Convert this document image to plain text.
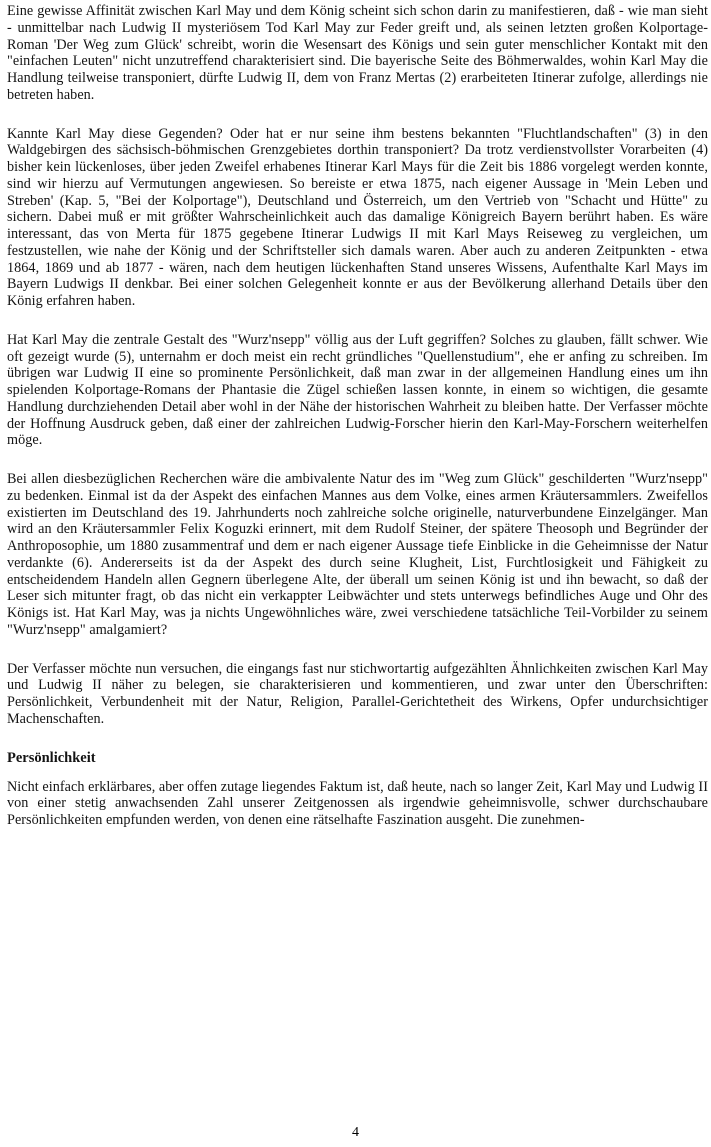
Eine gewisse Affinität zwischen Karl May und dem König scheint sich schon darin zu manifestieren, daß - wie man sieht - unmittelbar nach Ludwig II mysteriösem Tod Karl May zur Feder greift und, als seinen letzten großen Kolportage-Roman 'Der Weg zum Glück' schreibt, worin die Wesensart des Königs und sein guter menschlicher Kontakt mit den "einfachen Leuten" nicht unzutreffend charakterisiert sind. Die bayerische Seite des Böhmerwaldes, wohin Karl May die Handlung teilweise transponiert, dürfte Ludwig II, dem von Franz Mertas (2) erarbeiteten Itinerar zufolge, allerdings nie betreten haben.

Kannte Karl May diese Gegenden? Oder hat er nur seine ihm bestens bekannten "Fluchtlandschaften" (3) in den Waldgebirgen des sächsisch-böhmischen Grenzgebietes dorthin transponiert? Da trotz verdienstvollster Vorarbeiten (4) bisher kein lückenloses, über jeden Zweifel erhabenes Itinerar Karl Mays für die Zeit bis 1886 vorgelegt werden konnte, sind wir hierzu auf Vermutungen angewiesen. So bereiste er etwa 1875, nach eigener Aussage in 'Mein Leben und Streben' (Kap. 5, "Bei der Kolportage"), Deutschland und Österreich, um den Vertrieb von "Schacht und Hütte" zu sichern. Dabei muß er mit größter Wahrscheinlichkeit auch das damalige Königreich Bayern berührt haben. Es wäre interessant, das von Merta für 1875 gegebene Itinerar Ludwigs II mit Karl Mays Reiseweg zu vergleichen, um festzustellen, wie nahe der König und der Schriftsteller sich damals waren. Aber auch zu anderen Zeitpunkten - etwa 1864, 1869 und ab 1877 - wären, nach dem heutigen lückenhaften Stand unseres Wissens, Aufenthalte Karl Mays im Bayern Ludwigs II denkbar. Bei einer solchen Gelegenheit konnte er aus der Bevölkerung allerhand Details über den König erfahren haben.

Hat Karl May die zentrale Gestalt des "Wurz'nsepp" völlig aus der Luft gegriffen? Solches zu glauben, fällt schwer. Wie oft gezeigt wurde (5), unternahm er doch meist ein recht gründliches "Quellenstudium", ehe er anfing zu schreiben. Im übrigen war Ludwig II eine so prominente Persönlichkeit, daß man zwar in der allgemeinen Handlung eines um ihn spielenden Kolportage-Romans der Phantasie die Zügel schießen lassen konnte, in einem so wichtigen, die gesamte Handlung durchziehenden Detail aber wohl in der Nähe der historischen Wahrheit zu bleiben hatte. Der Verfasser möchte der Hoffnung Ausdruck geben, daß einer der zahlreichen Ludwig-Forscher hierin den Karl-May-Forschern weiterhelfen möge.

Bei allen diesbezüglichen Recherchen wäre die ambivalente Natur des im "Weg zum Glück" geschilderten "Wurz'nsepp" zu bedenken. Einmal ist da der Aspekt des einfachen Mannes aus dem Volke, eines armen Kräutersammlers. Zweifellos existierten im Deutschland des 19. Jahrhunderts noch zahlreiche solche originelle, naturverbundene Einzelgänger. Man wird an den Kräutersammler Felix Koguzki erinnert, mit dem Rudolf Steiner, der spätere Theosoph und Begründer der Anthroposophie, um 1880 zusammentraf und dem er nach eigener Aussage tiefe Einblicke in die Geheimnisse der Natur verdankte (6). Andererseits ist da der Aspekt des durch seine Klugheit, List, Furchtlosigkeit und Fähigkeit zu entscheidendem Handeln allen Gegnern überlegene Alte, der überall um seinen König ist und ihn bewacht, so daß der Leser sich mitunter fragt, ob das nicht ein verkappter Leibwächter und stets unterwegs befindliches Auge und Ohr des Königs ist. Hat Karl May, was ja nichts Ungewöhnliches wäre, zwei verschiedene tatsächliche Teil-Vorbilder zu seinem "Wurz'nsepp" amalgamiert?

Der Verfasser möchte nun versuchen, die eingangs fast nur stichwortartig aufgezählten Ähnlichkeiten zwischen Karl May und Ludwig II näher zu belegen, sie charakterisieren und kommentieren, und zwar unter den Überschriften: Persönlichkeit, Verbundenheit mit der Natur, Religion, Parallel-Gerichtetheit des Wirkens, Opfer undurchsichtiger Machenschaften.

Persönlichkeit

Nicht einfach erklärbares, aber offen zutage liegendes Faktum ist, daß heute, nach so langer Zeit, Karl May und Ludwig II von einer stetig anwachsenden Zahl unserer Zeitgenossen als irgendwie geheimnisvolle, schwer durchschaubare Persönlichkeiten empfunden werden, von denen eine rätselhafte Faszination ausgeht. Die zunehmen-

4
